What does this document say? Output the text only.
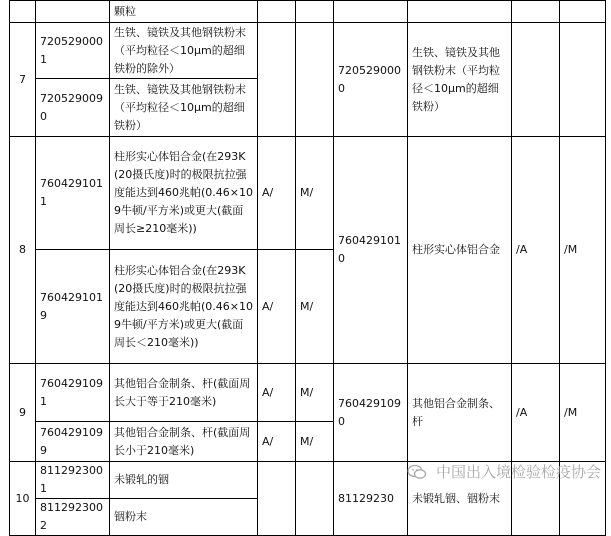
		颗粒						
7	7205290001	生铁、镜铁及其他钢铁粉末（平均粒径＜10μm的超细铁粉的除外）			7205290000	生铁、镜铁及其他钢铁粉末（平均粒径＜10μm的超细铁粉）		
	7205290090	生铁、镜铁及其他钢铁粉末（平均粒径＜10μm的超细铁粉）						
8	7604291011	柱形实心体铝合金(在293K(20摄氏度)时的极限抗拉强度能达到460兆帕(0.46×109牛顿/平方米)或更大(截面周长≥210毫米))	A/	M/	7604291010	柱形实心体铝合金	/A	/M
	7604291019	柱形实心体铝合金(在293K(20摄氏度)时的极限抗拉强度能达到460兆帕(0.46×109牛顿/平方米)或更大(截面周长＜210毫米))	A/	M/				
9	7604291091	其他铝合金制条、杆(截面周长大于等于210毫米)	A/	M/	7604291090	其他铝合金制条、杆	/A	/M
	7604291099	其他铝合金制条、杆(截面周长小于210毫米)	A/	M/				
10	8112923001	未锻轧的铟			81129230	未锻轧铟、铟粉末		
	8112923002	铟粉末						
中国出入境检验检疫协会
